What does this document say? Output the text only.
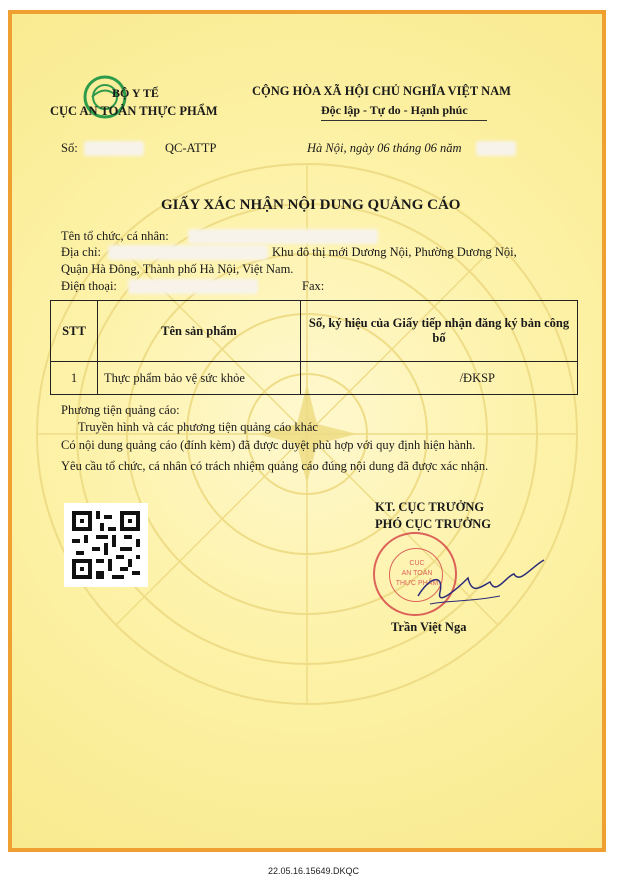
BỘ Y TẾ
CỤC AN TOÀN THỰC PHẨM
CỘNG HÒA XÃ HỘI CHỦ NGHĨA VIỆT NAM
Độc lập - Tự do - Hạnh phúc
Số:	QC-ATTP	Hà Nội, ngày 06 tháng 06 năm
GIẤY XÁC NHẬN NỘI DUNG QUẢNG CÁO
Tên tổ chức, cá nhân:
Địa chỉ:	Khu đô thị mới Dương Nội, Phường Dương Nội,
Quận Hà Đông, Thành phố Hà Nội, Việt Nam.
Điện thoại:	Fax:
STT	Tên sản phẩm	Số, ký hiệu của Giấy tiếp nhận đăng ký bản công bố
1	Thực phẩm bảo vệ sức khỏe	/ĐKSP
Phương tiện quảng cáo:
Truyền hình và các phương tiện quảng cáo khác
Có nội dung quảng cáo (đính kèm) đã được duyệt phù hợp với quy định hiện hành.
Yêu cầu tổ chức, cá nhân có trách nhiệm quảng cáo đúng nội dung đã được xác nhận.
KT. CỤC TRƯỞNG
PHÓ CỤC TRƯỞNG
CỤC
AN TOÀN
THỰC PHẨM
Trần Việt Nga
22.05.16.15649.DKQC
